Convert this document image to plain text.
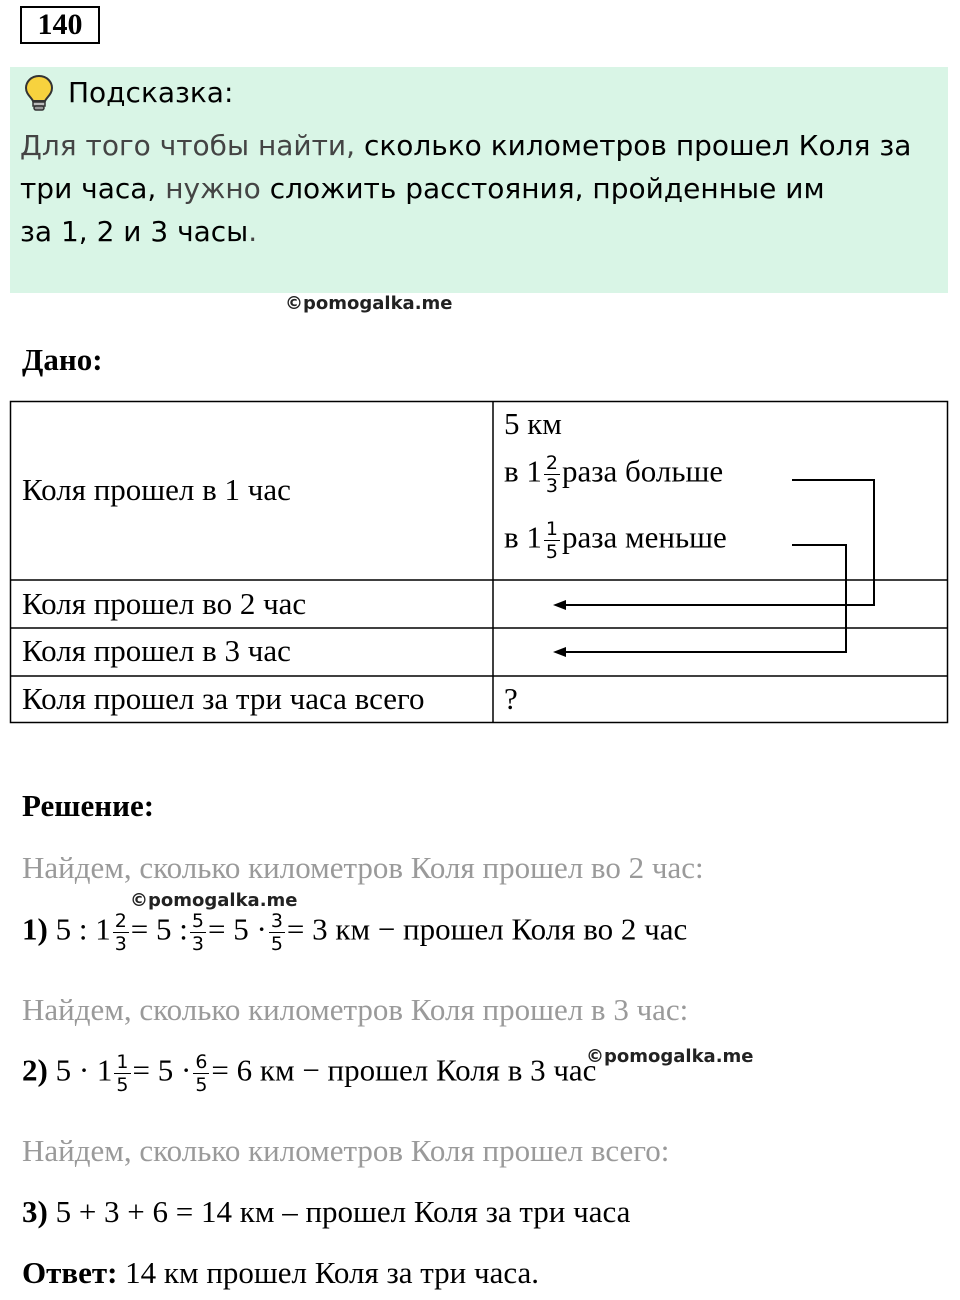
140
Подсказка:
Для того чтобы найти, сколько километров прошел Коля за
три часа, нужно сложить расстояния, пройденные им
за 1, 2 и 3 часы.
©pomogalka.me
Дано:
Коля прошел в 1 час
Коля прошел во 2 час
Коля прошел в 3 час
Коля прошел за три часа всего	?
5 км
в $1 \frac{2}{3}$ раза больше
в $1 \frac{1}{5}$ раза меньше
Решение:
Найдем, сколько километров Коля прошел во 2 час:
©pomogalka.me
1) 5 : $1 \frac{2}{3} = 5$ : $\frac{5}{3} = 5 \cdot \frac{3}{5} = 3$ км − прошел Коля во 2 час
Найдем, сколько километров Коля прошел в 3 час:
©pomogalka.me
2) $5 \cdot 1 \frac{1}{5} = 5 \cdot \frac{6}{5} = 6$ км − прошел Коля в 3 час
Найдем, сколько километров Коля прошел всего:
3) 5 + 3 + 6 = 14 км – прошел Коля за три часа
Ответ: 14 км прошел Коля за три часа.
